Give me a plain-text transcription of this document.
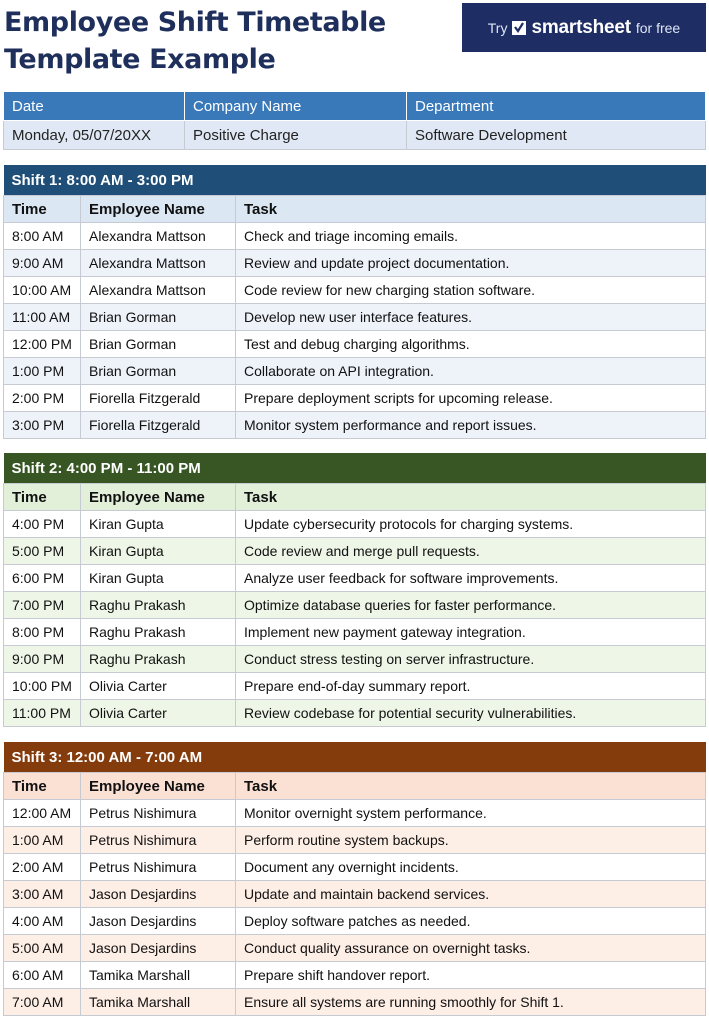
Employee Shift Timetable Template Example
Try smartsheet for free
Date	Company Name	Department
Monday, 05/07/20XX	Positive Charge	Software Development
Shift 1: 8:00 AM - 3:00 PM		
Time	Employee Name	Task
8:00 AM	Alexandra Mattson	Check and triage incoming emails.
9:00 AM	Alexandra Mattson	Review and update project documentation.
10:00 AM	Alexandra Mattson	Code review for new charging station software.
11:00 AM	Brian Gorman	Develop new user interface features.
12:00 PM	Brian Gorman	Test and debug charging algorithms.
1:00 PM	Brian Gorman	Collaborate on API integration.
2:00 PM	Fiorella Fitzgerald	Prepare deployment scripts for upcoming release.
3:00 PM	Fiorella Fitzgerald	Monitor system performance and report issues.
Shift 2: 4:00 PM - 11:00 PM		
Time	Employee Name	Task
4:00 PM	Kiran Gupta	Update cybersecurity protocols for charging systems.
5:00 PM	Kiran Gupta	Code review and merge pull requests.
6:00 PM	Kiran Gupta	Analyze user feedback for software improvements.
7:00 PM	Raghu Prakash	Optimize database queries for faster performance.
8:00 PM	Raghu Prakash	Implement new payment gateway integration.
9:00 PM	Raghu Prakash	Conduct stress testing on server infrastructure.
10:00 PM	Olivia Carter	Prepare end-of-day summary report.
11:00 PM	Olivia Carter	Review codebase for potential security vulnerabilities.
Shift 3: 12:00 AM - 7:00 AM		
Time	Employee Name	Task
12:00 AM	Petrus Nishimura	Monitor overnight system performance.
1:00 AM	Petrus Nishimura	Perform routine system backups.
2:00 AM	Petrus Nishimura	Document any overnight incidents.
3:00 AM	Jason Desjardins	Update and maintain backend services.
4:00 AM	Jason Desjardins	Deploy software patches as needed.
5:00 AM	Jason Desjardins	Conduct quality assurance on overnight tasks.
6:00 AM	Tamika Marshall	Prepare shift handover report.
7:00 AM	Tamika Marshall	Ensure all systems are running smoothly for Shift 1.
